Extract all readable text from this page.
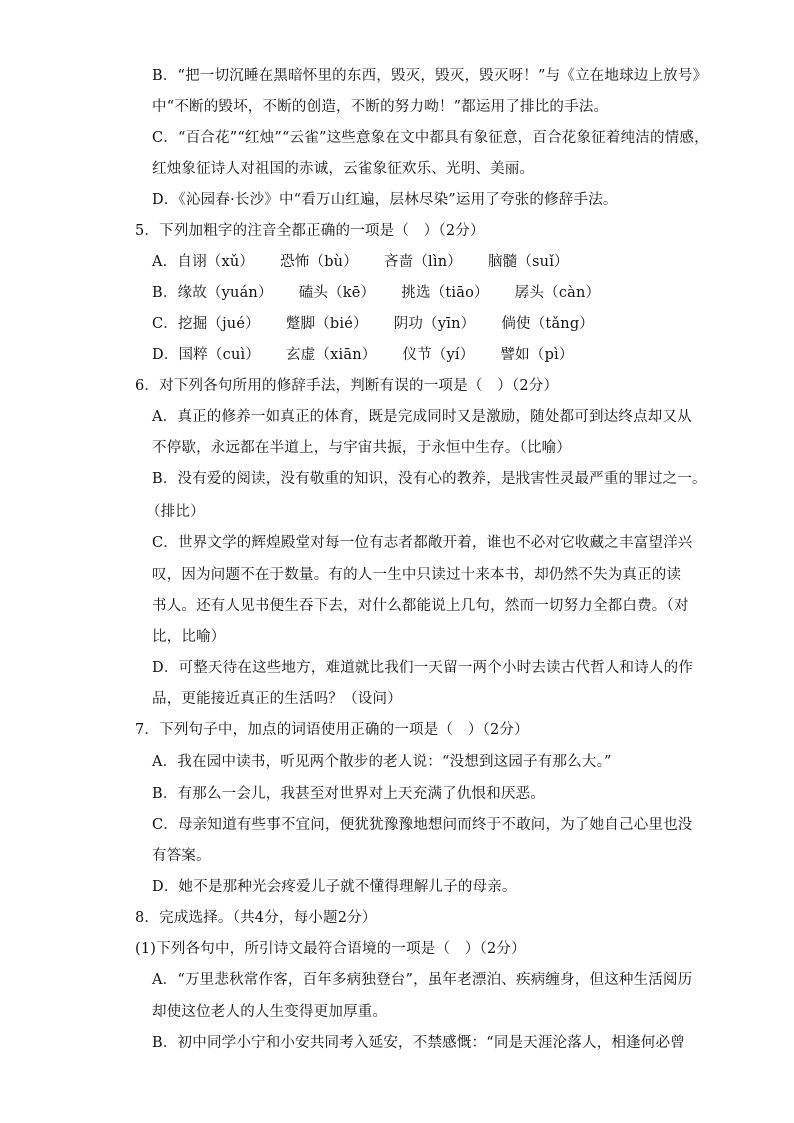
B．“把一切沉睡在黑暗怀里的东西，毁灭，毁灭，毁灭呀！”与《立在地球边上放号》
中“不断的毁坏，不断的创造，不断的努力呦！”都运用了排比的手法。
C．“百合花”“红烛”“云雀”这些意象在文中都具有象征意，百合花象征着纯洁的情感，
红烛象征诗人对祖国的赤诚，云雀象征欢乐、光明、美丽。
D．《沁园春·长沙》中“看万山红遍，层林尽染”运用了夸张的修辞手法。
5．下列加粗字的注音全都正确的一项是（　）（2分）
A．自诩（xǔ） 恐怖（bù） 吝啬（lìn） 脑髓（suǐ）
B．缘故（yuán） 磕头（kē） 挑选（tiāo） 孱头（càn）
C．挖掘（jué） 蹩脚（bié） 阴功（yīn） 倘使（tǎng）
D．国粹（cuì） 玄虚（xiān） 仪节（yí） 譬如（pì）
6．对下列各句所用的修辞手法，判断有误的一项是（　）（2分）
A．真正的修养一如真正的体育，既是完成同时又是激励，随处都可到达终点却又从
不停歇，永远都在半道上，与宇宙共振，于永恒中生存。（比喻）
B．没有爱的阅读，没有敬重的知识，没有心的教养，是戕害性灵最严重的罪过之一。
（排比）
C．世界文学的辉煌殿堂对每一位有志者都敞开着，谁也不必对它收藏之丰富望洋兴
叹，因为问题不在于数量。有的人一生中只读过十来本书，却仍然不失为真正的读
书人。还有人见书便生吞下去，对什么都能说上几句，然而一切努力全都白费。（对
比，比喻）
D．可整天待在这些地方，难道就比我们一天留一两个小时去读古代哲人和诗人的作
品，更能接近真正的生活吗？（设问）
7．下列句子中，加点的词语使用正确的一项是（　）（2分）
A．我在园中读书，听见两个散步的老人说：“没想到这园子有那么大。”
B．有那么一会儿，我甚至对世界对上天充满了仇恨和厌恶。
C．母亲知道有些事不宜问，便犹犹豫豫地想问而终于不敢问，为了她自己心里也没
有答案。
D．她不是那种光会疼爱儿子就不懂得理解儿子的母亲。
8．完成选择。（共4分，每小题2分）
(1)下列各句中，所引诗文最符合语境的一项是（　）（2分）
A．“万里悲秋常作客，百年多病独登台”，虽年老漂泊、疾病缠身，但这种生活阅历
却使这位老人的人生变得更加厚重。
B．初中同学小宁和小安共同考入延安，不禁感慨：“同是天涯沦落人，相逢何必曾
